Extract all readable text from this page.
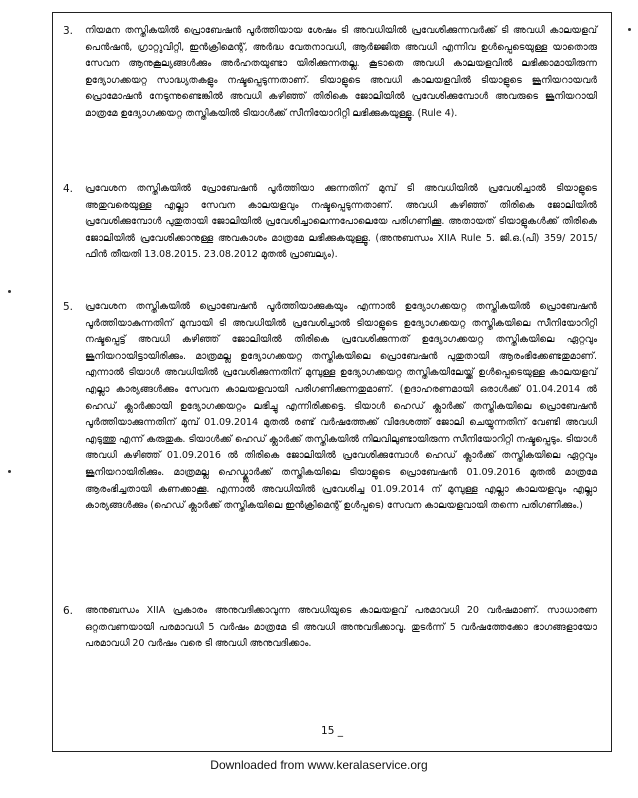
3.	നിയമന തസ്തികയിൽ പ്രൊബേഷൻ പൂർത്തിയായ ശേഷം ടി അവധിയിൽ പ്രവേശിക്കുന്നവർക്ക് ടി അവധി കാലയളവ് പെൻഷൻ, ഗ്രാറ്റുവിറ്റി, ഇൻക്രിമെന്റ്, അർദ്ധ വേതനാവധി, ആർജ്ജിത അവധി എന്നിവ ഉൾപ്പെടെയുള്ള യാതൊരു സേവന ആനുകൂല്യങ്ങൾക്കും അർഹതയുണ്ടാ യിരിക്കുന്നതല്ല. കൂടാതെ അവധി കാലയളവിൽ ലഭിക്കാമായിരുന്ന ഉദ്യോഗക്കയറ്റ സാദ്ധ്യതകളും നഷ്ടപ്പെടുന്നതാണ്. ടിയാളുടെ അവധി കാലയളവിൽ ടിയാളുടെ ജൂനിയറായവർ പ്രൊമോഷൻ നേടുന്നുണ്ടെങ്കിൽ അവധി കഴിഞ്ഞ് തിരികെ ജോലിയിൽ പ്രവേശിക്കുമ്പോൾ അവരുടെ ജൂനിയറായി മാത്രമേ ഉദ്യോഗക്കയറ്റ തസ്തികയിൽ ടിയാൾക്ക് സീനിയോറിറ്റി ലഭിക്കുകയുള്ളൂ. (Rule 4).
4.	പ്രവേശന തസ്തികയിൽ പ്രോബേഷൻ പൂർത്തിയാ ക്കുന്നതിന് മുമ്പ് ടി അവധിയിൽ പ്രവേശിച്ചാൽ ടിയാളുടെ അതുവരെയുള്ള എല്ലാ സേവന കാലയളവും നഷ്ടപ്പെടുന്നതാണ്. അവധി കഴിഞ്ഞ് തിരികെ ജോലിയിൽ പ്രവേശിക്കുമ്പോൾ പുതുതായി ജോലിയിൽ പ്രവേശിച്ചാലെന്നപോലെയേ പരിഗണിക്കൂ. അതായത് ടിയാളുകൾക്ക് തിരികെ ജോലിയിൽ പ്രവേശിക്കാനുള്ള അവകാശം മാത്രമേ ലഭിക്കുകയുള്ളൂ. (അനുബന്ധം XIIA Rule 5. ജി.ഒ.(പി) 359/ 2015/ഫിൻ തീയതി 13.08.2015. 23.08.2012 മുതൽ പ്രാബല്യം).
5.	പ്രവേശന തസ്തികയിൽ പ്രൊബേഷൻ പൂർത്തിയാക്കുകയും എന്നാൽ ഉദ്യോഗക്കയറ്റ തസ്തികയിൽ പ്രൊബേഷൻ പൂർത്തിയാകുന്നതിന് മുമ്പായി ടി അവധിയിൽ പ്രവേശിച്ചാൽ ടിയാളുടെ ഉദ്യോഗക്കയറ്റ തസ്തികയിലെ സീനിയോറിറ്റി നഷ്ടപ്പെട്ട് അവധി കഴിഞ്ഞ് ജോലിയിൽ തിരികെ പ്രവേശിക്കുന്നത് ഉദ്യോഗക്കയറ്റ തസ്തികയിലെ ഏറ്റവും ജൂനിയറായിട്ടായിരിക്കും. മാത്രമല്ല ഉദ്യോഗക്കയറ്റ തസ്തികയിലെ പ്രൊബേഷൻ പുതുതായി ആരംഭിക്കേണ്ടതുമാണ്. എന്നാൽ ടിയാൾ അവധിയിൽ പ്രവേശിക്കുന്നതിന് മുമ്പുള്ള ഉദ്യോഗക്കയറ്റ തസ്തികയിലേയ്ക്ക് ഉൾപ്പെടെയുള്ള കാലയളവ് എല്ലാ കാര്യങ്ങൾക്കും സേവന കാലയളവായി പരിഗണിക്കുന്നതുമാണ്. (ഉദാഹരണമായി ഒരാൾക്ക് 01.04.2014 ൽ ഹെഡ് ക്ലാർക്കായി ഉദ്യോഗക്കയറ്റം ലഭിച്ചു എന്നിരിക്കട്ടെ. ടിയാൾ ഹെഡ് ക്ലാർക്ക് തസ്തികയിലെ പ്രൊബേഷൻ പൂർത്തിയാക്കുന്നതിന് മുമ്പ് 01.09.2014 മുതൽ രണ്ട് വർഷത്തേക്ക് വിദേശത്ത് ജോലി ചെയ്യുന്നതിന് വേണ്ടി അവധി എടുത്തു എന്ന് കരുതുക. ടിയാൾക്ക് ഹെഡ് ക്ലാർക്ക് തസ്തികയിൽ നിലവിലുണ്ടായിരുന്ന സീനിയോറിറ്റി നഷ്ടപ്പെടും. ടിയാൾ അവധി കഴിഞ്ഞ് 01.09.2016 ൽ തിരികെ ജോലിയിൽ പ്രവേശിക്കുമ്പോൾ ഹെഡ് ക്ലാർക്ക് തസ്തികയിലെ ഏറ്റവും ജൂനിയറായിരിക്കും. മാത്രമല്ല ഹെഡ്ക്ലാർക്ക് തസ്തികയിലെ ടിയാളുടെ പ്രൊബേഷൻ 01.09.2016 മുതൽ മാത്രമേ ആരംഭിച്ചതായി കണക്കാക്കൂ. എന്നാൽ അവധിയിൽ പ്രവേശിച്ച 01.09.2014 ന് മുമ്പുള്ള എല്ലാ കാലയളവും എല്ലാ കാര്യങ്ങൾക്കും (ഹെഡ് ക്ലാർക്ക് തസ്തികയിലെ ഇൻക്രിമെന്റ് ഉൾപ്പടെ) സേവന കാലയളവായി തന്നെ പരിഗണിക്കും.)
6.	അനുബന്ധം XIIA പ്രകാരം അനുവദിക്കാവുന്ന അവധിയുടെ കാലയളവ് പരമാവധി 20 വർഷമാണ്. സാധാരണ ഒറ്റതവണയായി പരമാവധി 5 വർഷം മാത്രമേ ടി അവധി അനുവദിക്കാവൂ. തുടർന്ന് 5 വർഷത്തേക്കോ ഭാഗങ്ങളായോ പരമാവധി 20 വർഷം വരെ ടി അവധി അനുവദിക്കാം.
15 _
Downloaded from www.keralaservice.org
